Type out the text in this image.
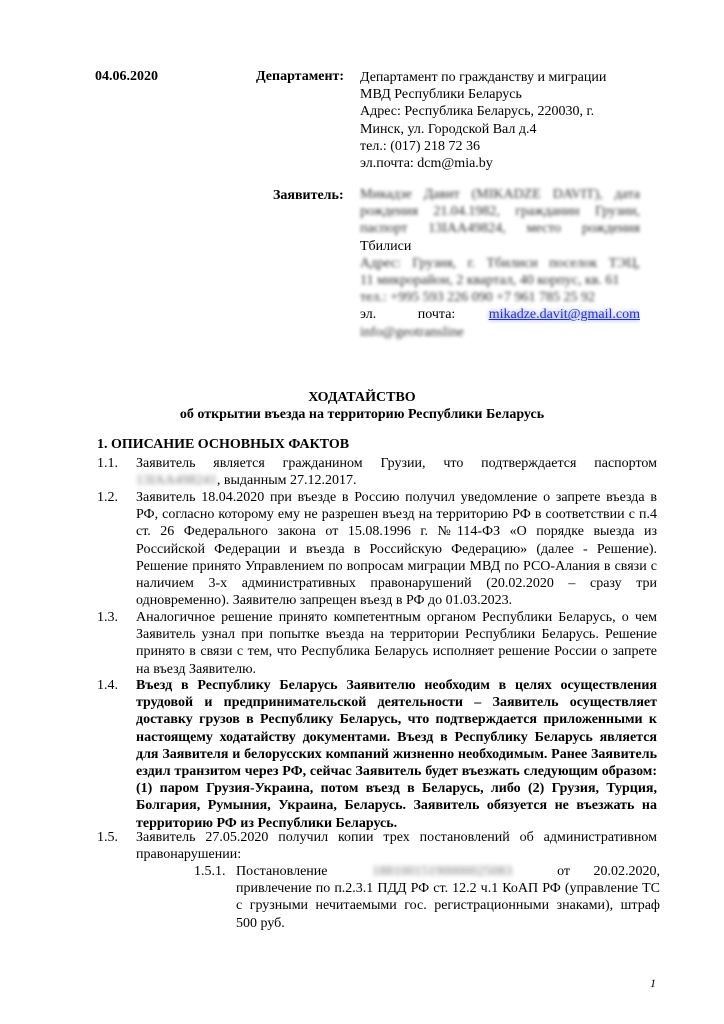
04.06.2020	Департамент: Департамент по гражданству и миграции
МВД Республики Беларусь
Адрес: Республика Беларусь, 220030, г.
Минск, ул. Городской Вал д.4
тел.: (017) 218 72 36
эл.почта: dcm@mia.by
Заявитель: Микадзе Давит (MIKADZE DAVIT), дата
рождения 21.04.1982, гражданин Грузии,
паспорт 13IAA49824, место рождения
Тбилиси
Адрес: Грузия, г. Тбилиси поселок ТЭЦ,
11 микрорайон, 2 квартал, 40 корпус, кв. 61
тел.: +995 593 226 090 +7 961 785 25 92
эл. почта: mikadze.davit@gmail.com
info@geotransline
ХОДАТАЙСТВО
об открытии въезда на территорию Республики Беларусь
1. ОПИСАНИЕ ОСНОВНЫХ ФАКТОВ
1.1. Заявитель является гражданином Грузии, что подтверждается паспортом
13IAA498241, выданным 27.12.2017.
1.2. Заявитель 18.04.2020 при въезде в Россию получил уведомление о запрете въезда в РФ, согласно которому ему не разрешен въезд на территорию РФ в соответствии с п.4 ст. 26 Федерального закона от 15.08.1996 г. №114-ФЗ «О порядке выезда из Российской Федерации и въезда в Российскую Федерацию» (далее - Решение). Решение принято Управлением по вопросам миграции МВД по РСО-Алания в связи с наличием 3-х административных правонарушений (20.02.2020 – сразу три одновременно). Заявителю запрещен въезд в РФ до 01.03.2023.
1.3. Аналогичное решение принято компетентным органом Республики Беларусь, о чем Заявитель узнал при попытке въезда на территории Республики Беларусь. Решение принято в связи с тем, что Республика Беларусь исполняет решение России о запрете на въезд Заявителю.
1.4. Въезд в Республику Беларусь Заявителю необходим в целях осуществления трудовой и предпринимательской деятельности – Заявитель осуществляет доставку грузов в Республику Беларусь, что подтверждается приложенными к настоящему ходатайству документами. Въезд в Республику Беларусь является для Заявителя и белорусских компаний жизненно необходимым. Ранее Заявитель ездил транзитом через РФ, сейчас Заявитель будет въезжать следующим образом: (1) паром Грузия-Украина, потом въезд в Беларусь, либо (2) Грузия, Турция, Болгария, Румыния, Украина, Беларусь. Заявитель обязуется не въезжать на территорию РФ из Республики Беларусь.
1.5. Заявитель 27.05.2020 получил копии трех постановлений об административном правонарушении:
1.5.1. Постановление	18810015190000025083	от 20.02.2020,
привлечение по п.2.3.1 ПДД РФ ст. 12.2 ч.1 КоАП РФ (управление ТС с грузными нечитаемыми гос. регистрационными знаками), штраф 500 руб.
1
